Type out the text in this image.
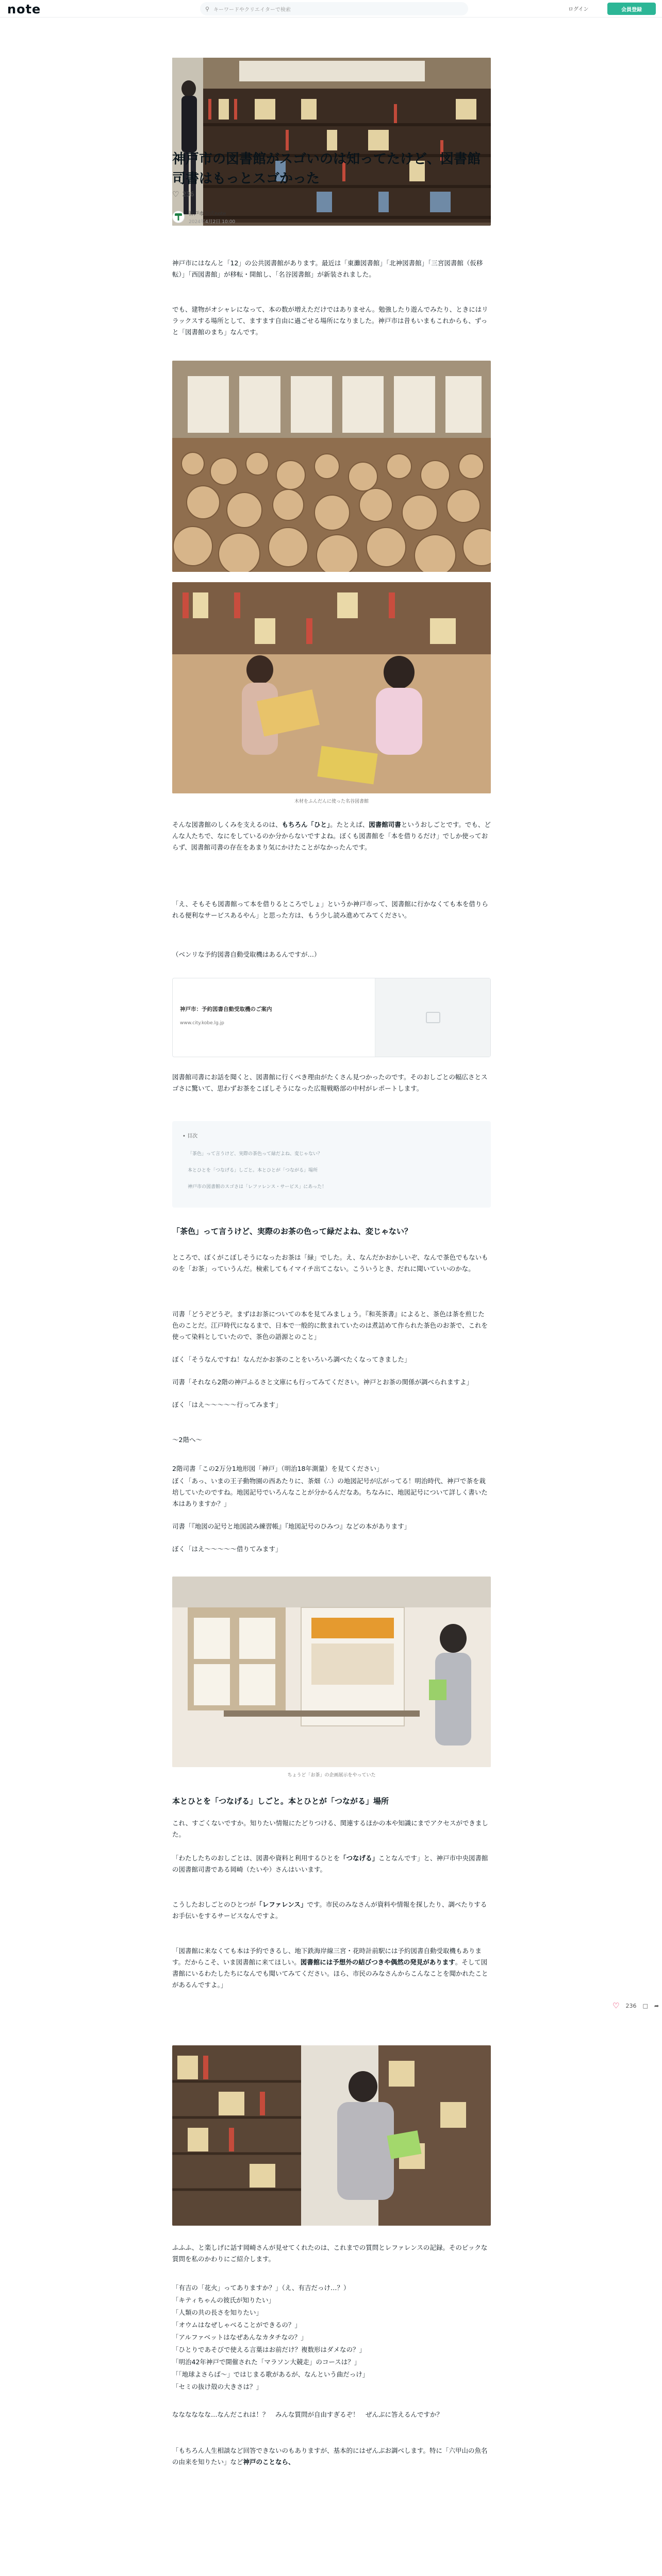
note	⚲ キーワードやクリエイターで検索	ログイン	会員登録
神戸市の図書館がスゴいのは知ってたけど、図書館司書はもっとスゴかった
♡ 236
神戸市公式note
2024年4月2日 10:00

神戸市にはなんと「12」の公共図書館があります。最近は「東灘図書館」「北神図書館」「三宮図書館（仮移転）」「西図書館」が移転・開館し、「名谷図書館」が新装されました。

でも、建物がオシャレになって、本の数が増えただけではありません。勉強したり遊んでみたり、ときにはリラックスする場所として、ますます自由に過ごせる場所になりました。神戸市は昔もいまもこれからも、ずっと「図書館のまち」なんです。

木材をふんだんに使った名谷図書館

そんな図書館のしくみを支えるのは、もちろん「ひと」。たとえば、図書館司書というおしごとです。でも、どんな人たちで、なにをしているのか分からないですよね。ぼくも図書館を「本を借りるだけ」でしか使っておらず、図書館司書の存在をあまり気にかけたことがなかったんです。

「え、そもそも図書館って本を借りるところでしょ」というか神戸市って、図書館に行かなくても本を借りられる便利なサービスあるやん」と思った方は、もう少し読み進めてみてください。

（ベンリな予約図書自動受取機はあるんですが…）

神戸市：予約図書自動受取機のご案内
www.city.kobe.lg.jp

図書館司書にお話を聞くと、図書館に行くべき理由がたくさん見つかったのです。そのおしごとの幅広さとスゴさに驚いて、思わずお茶をこぼしそうになった広報戦略部の中村がレポートします。

• 目次
「茶色」って言うけど、実際の茶色って緑だよね、変じゃない？
本とひとを「つなげる」しごと。本とひとが「つながる」場所
神戸市の図書館のスゴさは「レファレンス・サービス」にあった！
「茶色」って言うけど、実際のお茶の色って緑だよね、変じゃない？

ところで、ぼくがこぼしそうになったお茶は「緑」でした。え、なんだかおかしいぞ、なんで茶色でもないものを「お茶」っていうんだ。検索してもイマイチ出てこない。こういうとき、だれに聞いていいのかな。

司書「どうぞどうぞ。まずはお茶についての本を見てみましょう。『和英茶書』によると、茶色は茶を煎じた色のことだ。江戸時代になるまで、日本で一般的に飲まれていたのは煮詰めて作られた茶色のお茶で、これを使って染料としていたので、茶色の語源とのこと」

ぼく「そうなんですね！なんだかお茶のことをいろいろ調べたくなってきました」

司書「それなら2階の神戸ふるさと文庫にも行ってみてください。神戸とお茶の関係が調べられますよ」

ぼく「はえ〜〜〜〜〜行ってみます」

〜2階へ〜

2階司書「この2万分1地形図「神戸」（明治18年測量）を見てください」

ぼく「あっ、いまの王子動物園の西あたりに、茶畑（∴）の地図記号が広がってる！明治時代、神戸で茶を栽培していたのですね。地図記号でいろんなことが分かるんだなあ。ちなみに、地図記号について詳しく書いた本はありますか？」

司書「『地図の記号と地図読み練習帳』『地図記号のひみつ』などの本があります」

ぼく「はえ〜〜〜〜〜借りてみます」

ちょうど「お茶」の企画展示をやっていた
本とひとを「つなげる」しごと。本とひとが「つながる」場所

これ、すごくないですか。知りたい情報にたどりつける、関連するほかの本や知識にまでアクセスができました。

「わたしたちのおしごとは、図書や資料と利用するひとを「つなげる」ことなんです」と、神戸市中央図書館の図書館司書である岡崎（たいや）さんはいいます。

こうしたおしごとのひとつが「レファレンス」です。市民のみなさんが資料や情報を探したり、調べたりするお手伝いをするサービスなんですよ。

「図書館に来なくても本は予約できるし、地下鉄海岸線三宮・花時計前駅には予約図書自動受取機もあります。だからこそ、いま図書館に来てほしい。図書館には予想外の結びつきや偶然の発見があります。そして図書館にいるわたしたちになんでも聞いてみてください。ほら、市民のみなさんからこんなことを聞かれたことがあるんですよ。」

ふふふ、と楽しげに話す岡崎さんが見せてくれたのは、これまでの質問とレファレンスの記録。そのピックな質問を私のかわりにご紹介します。

「有吉の「花火」ってありますか？」（え、有吉だっけ…？）

「キティちゃんの彼氏が知りたい」

「人類の共の長さを知りたい」

「オウムはなぜしゃべることができるの？」

「アルファベットはなぜあんなカタチなの？」

「ひとりであそびで使える言葉はお前だけ？複数形はダメなの？」

「明治42年神戸で開催された「マラソン大競走」のコースは？」

「「地球よさらば〜」ではじまる歌があるが、なんという曲だっけ」

「セミの抜け殻の大きさは？」

なななななな…なんだこれは！？　みんな質問が自由すぎるぞ！　ぜんぶに答えるんですか？

「もちろん人生相談など回答できないのもありますが、基本的にはぜんぶお調べします。特に「六甲山の魚名の由来を知りたい」など神戸のことなら、

♡ 236 □ ➦
